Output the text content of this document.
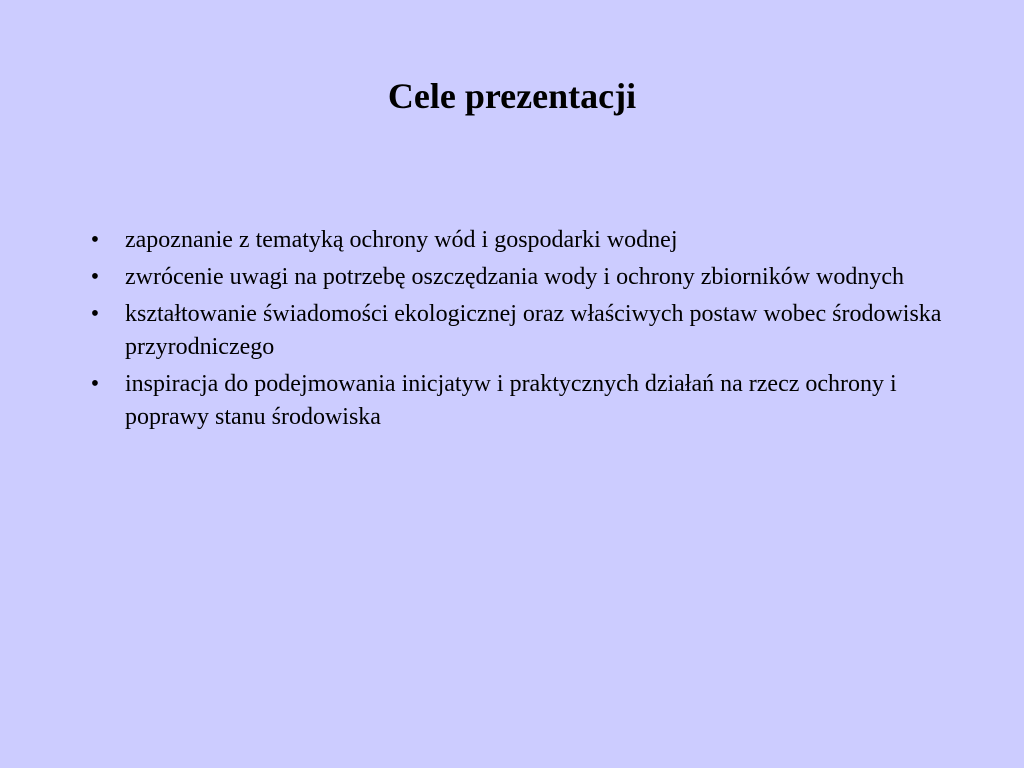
Cele prezentacji
• zapoznanie z tematyką ochrony wód i gospodarki wodnej
• zwrócenie uwagi na potrzebę oszczędzania wody i ochrony zbiorników wodnych
• kształtowanie świadomości ekologicznej oraz właściwych postaw wobec środowiska przyrodniczego
• inspiracja do podejmowania inicjatyw i praktycznych działań na rzecz ochrony i poprawy stanu środowiska
